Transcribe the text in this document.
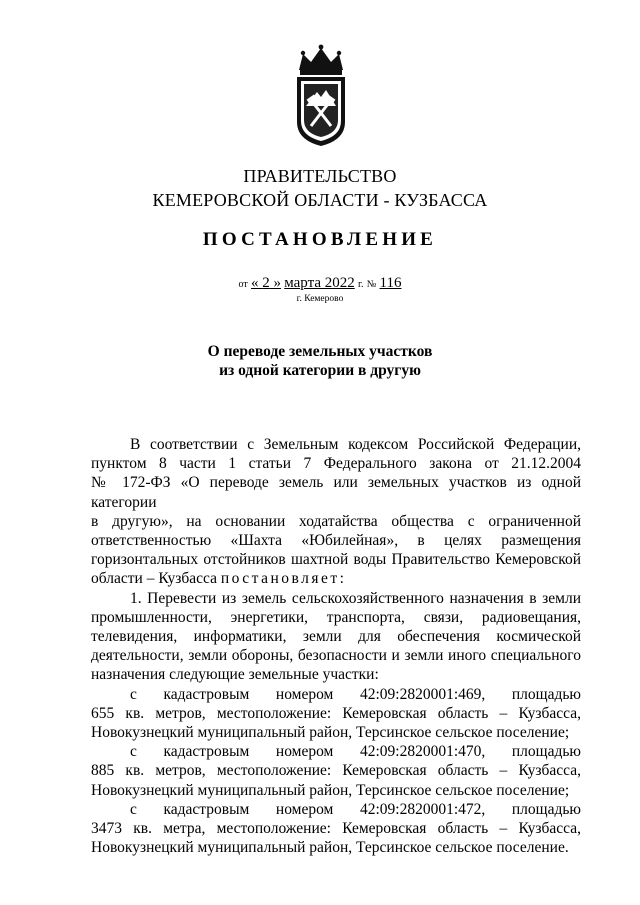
ПРАВИТЕЛЬСТВО
КЕМЕРОВСКОЙ ОБЛАСТИ - КУЗБАССА
ПОСТАНОВЛЕНИЕ
от « 2 » марта 2022 г. № 116
г. Кемерово
О переводе земельных участков
из одной категории в другую

В соответствии с Земельным кодексом Российской Федерации,

пунктом 8 части 1 статьи 7 Федерального закона от 21.12.2004

№ 172-ФЗ «О переводе земель или земельных участков из одной категории

в другую», на основании ходатайства общества с ограниченной

ответственностью «Шахта «Юбилейная», в целях размещения

горизонтальных отстойников шахтной воды Правительство Кемеровской

области – Кузбасса постановляет:

1. Перевести из земель сельскохозяйственного назначения в земли

промышленности, энергетики, транспорта, связи, радиовещания,

телевидения, информатики, земли для обеспечения космической

деятельности, земли обороны, безопасности и земли иного специального

назначения следующие земельные участки:

с кадастровым номером 42:09:2820001:469, площадью

655 кв. метров, местоположение: Кемеровская область – Кузбасса,

Новокузнецкий муниципальный район, Терсинское сельское поселение;

с кадастровым номером 42:09:2820001:470, площадью

885 кв. метров, местоположение: Кемеровская область – Кузбасса,

Новокузнецкий муниципальный район, Терсинское сельское поселение;

с кадастровым номером 42:09:2820001:472, площадью

3473 кв. метра, местоположение: Кемеровская область – Кузбасса,

Новокузнецкий муниципальный район, Терсинское сельское поселение.
